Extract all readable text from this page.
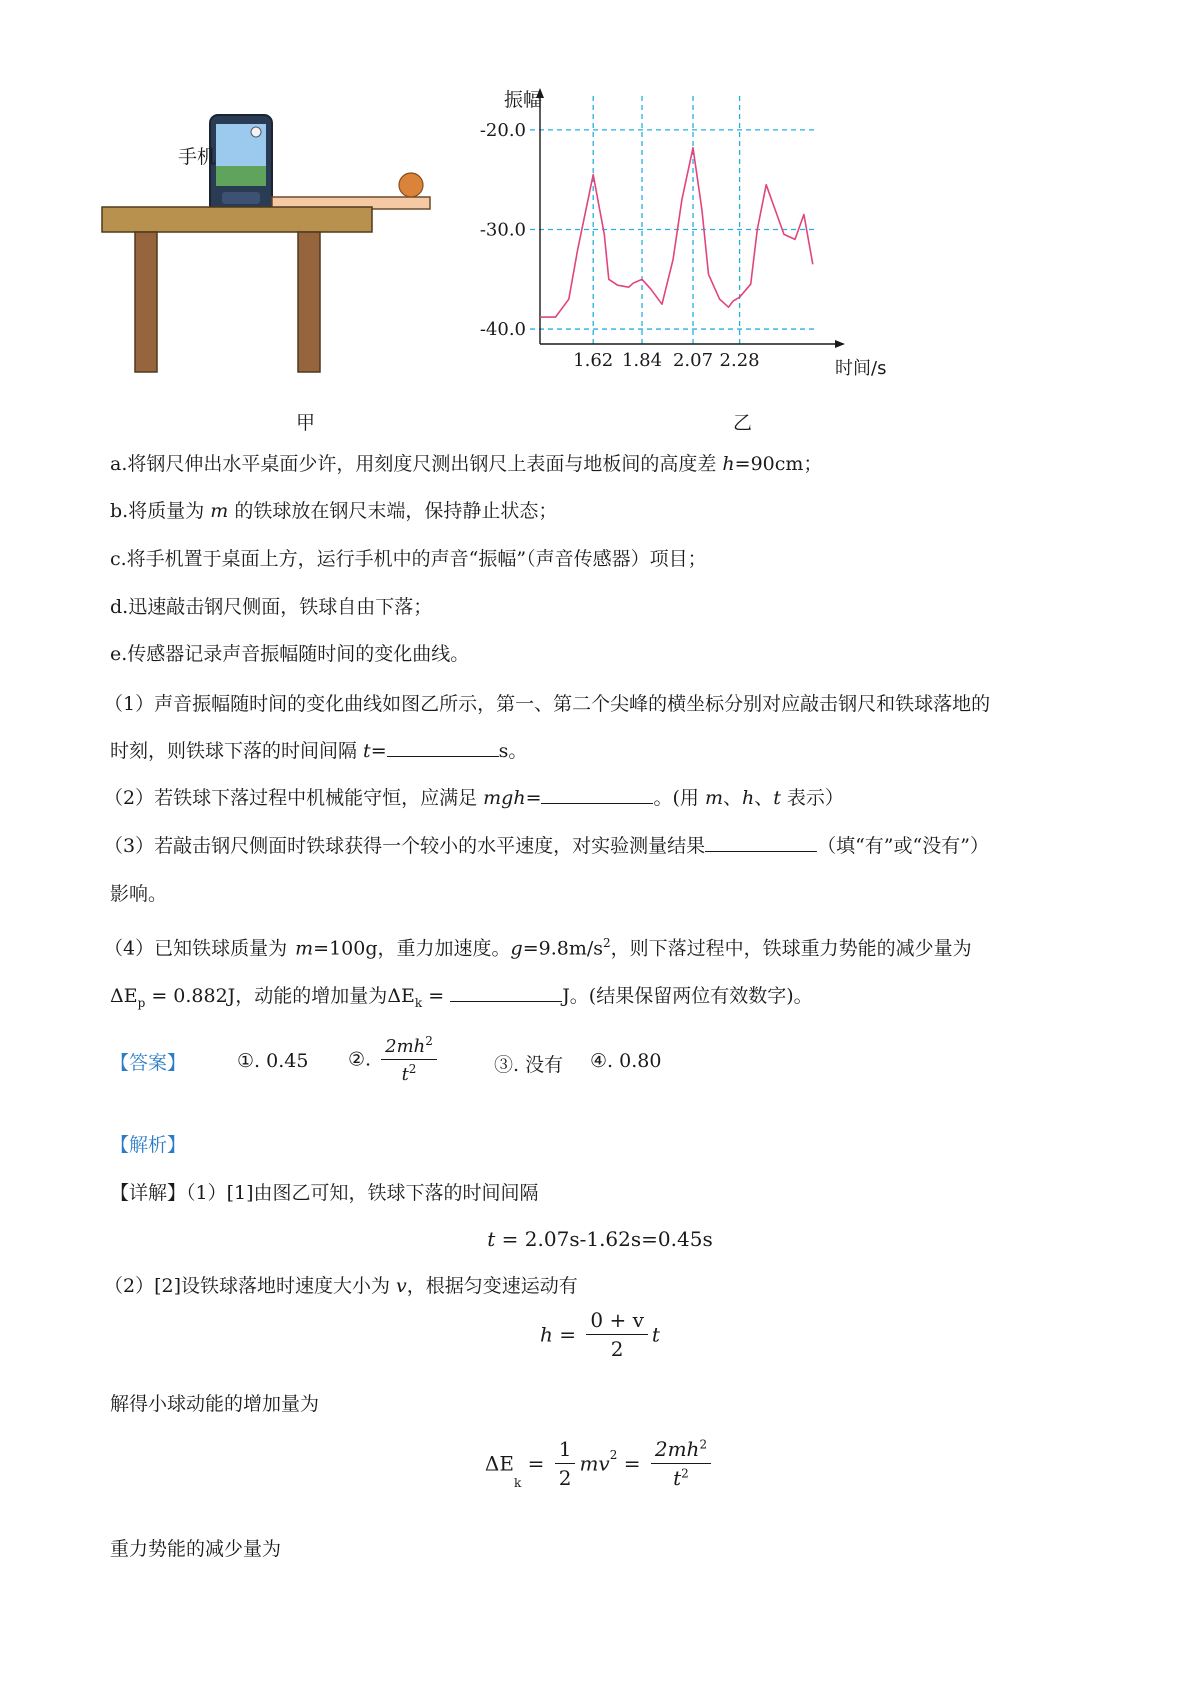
手机
甲
-20.0
-30.0
-40.0
1.62 1.84 2.07 2.28
振幅
时间/s
乙
a.将钢尺伸出水平桌面少许，用刻度尺测出钢尺上表面与地板间的高度差 h=90cm；
b.将质量为 m 的铁球放在钢尺末端，保持静止状态；
c.将手机置于桌面上方，运行手机中的声音“振幅”（声音传感器）项目；
d.迅速敲击钢尺侧面，铁球自由下落；
e.传感器记录声音振幅随时间的变化曲线。
（1）声音振幅随时间的变化曲线如图乙所示，第一、第二个尖峰的横坐标分别对应敲击钢尺和铁球落地的
时刻，则铁球下落的时间间隔 t=	s。
（2）若铁球下落过程中机械能守恒，应满足 mgh=	。(用 m、h、t 表示）
（3）若敲击钢尺侧面时铁球获得一个较小的水平速度，对实验测量结果	（填“有”或“没有”）
影响。
（4）已知铁球质量为 m=100g，重力加速度。$g=9.8m/s^2$，则下落过程中，铁球重力势能的减少量为
$\Delta E_p = 0.882J$，动能的增加量为$\Delta E_k$ =	J。(结果保留两位有效数字)。
【答案】	①. 0.45 ②. $\frac{2mh^2}{t^2}$	③. 没有 ④. 0.80
【解析】
【详解】（1）[1]由图乙可知，铁球下落的时间间隔
t = 2.07s-1.62s=0.45s
（2）[2]设铁球落地时速度大小为 v，根据匀变速运动有
$h = \frac{0 + v}{2}$ t
解得小球动能的增加量为
$\Delta E_k = \frac{1}{2} mv^2 = \frac{2mh^2}{t^2}$
重力势能的减少量为
